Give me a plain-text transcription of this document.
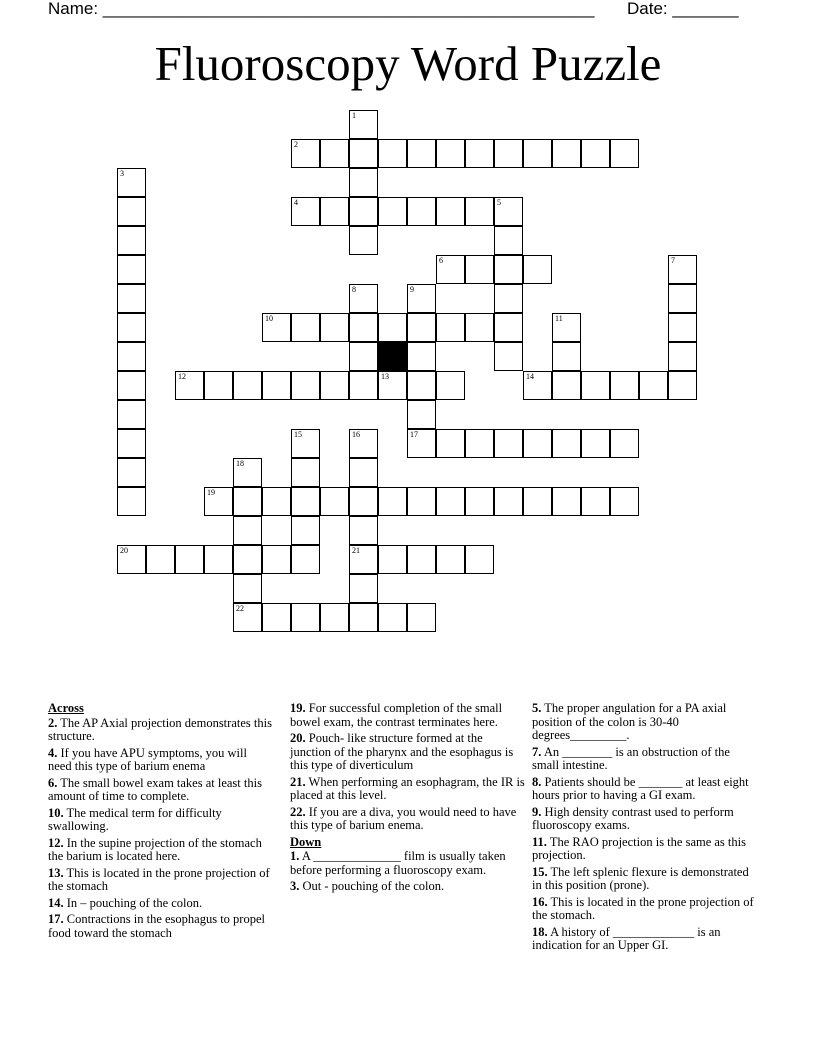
Name: ____________________________________________________ Date: _______
Fluoroscopy Word Puzzle
2
4
6
10
12	13	14
17
19
20	21
22
1
3
5
7
8	9
11
15	16
18

Across

2. The AP Axial projection demonstrates this structure.

4. If you have APU symptoms, you will need this type of barium enema

6. The small bowel exam takes at least this amount of time to complete.

10. The medical term for difficulty swallowing.

12. In the supine projection of the stomach the barium is located here.

13. This is located in the prone projection of the stomach

14. In – pouching of the colon.

17. Contractions in the esophagus to propel food toward the stomach

19. For successful completion of the small bowel exam, the contrast terminates here.

20. Pouch- like structure formed at the junction of the pharynx and the esophagus is this type of diverticulum

21. When performing an esophagram, the IR is placed at this level.

22. If you are a diva, you would need to have this type of barium enema.

Down

1. A ______________ film is usually taken before performing a fluoroscopy exam.

3. Out - pouching of the colon.

5. The proper angulation for a PA axial position of the colon is 30-40 degrees_________.

7. An ________ is an obstruction of the small intestine.

8. Patients should be _______ at least eight hours prior to having a GI exam.

9. High density contrast used to perform fluoroscopy exams.

11. The RAO projection is the same as this projection.

15. The left splenic flexure is demonstrated in this position (prone).

16. This is located in the prone projection of the stomach.

18. A history of _____________ is an indication for an Upper GI.
